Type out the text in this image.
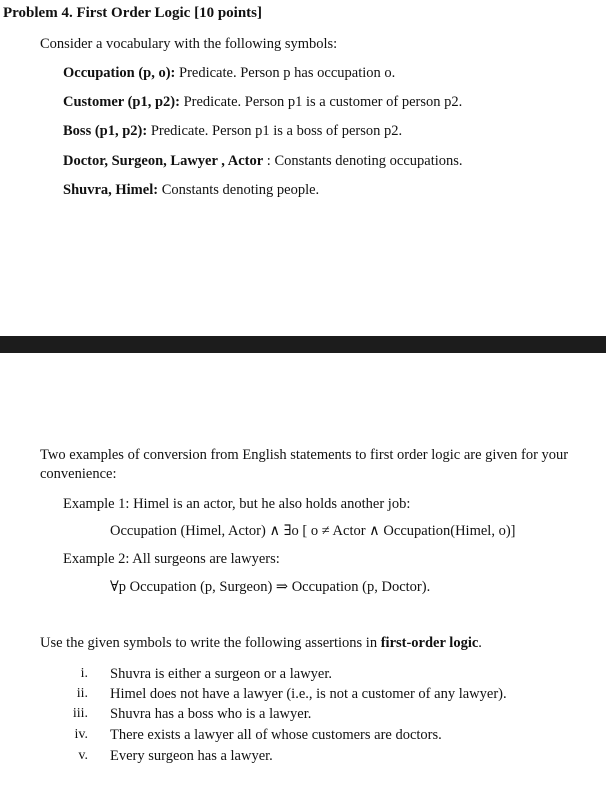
Problem 4. First Order Logic [10 points]
Consider a vocabulary with the following symbols:
Occupation (p, o): Predicate. Person p has occupation o.
Customer (p1, p2): Predicate. Person p1 is a customer of person p2.
Boss (p1, p2): Predicate. Person p1 is a boss of person p2.
Doctor, Surgeon, Lawyer , Actor : Constants denoting occupations.
Shuvra, Himel: Constants denoting people.
Two examples of conversion from English statements to first order logic are given for your convenience:
Example 1: Himel is an actor, but he also holds another job:
Occupation (Himel, Actor) ∧ ∃o [ o ≠ Actor ∧ Occupation(Himel, o)]
Example 2: All surgeons are lawyers:
∀p Occupation (p, Surgeon) ⇒ Occupation (p, Doctor).
Use the given symbols to write the following assertions in first-order logic.
i. Shuvra is either a surgeon or a lawyer.
ii. Himel does not have a lawyer (i.e., is not a customer of any lawyer).
iii. Shuvra has a boss who is a lawyer.
iv. There exists a lawyer all of whose customers are doctors.
v. Every surgeon has a lawyer.
